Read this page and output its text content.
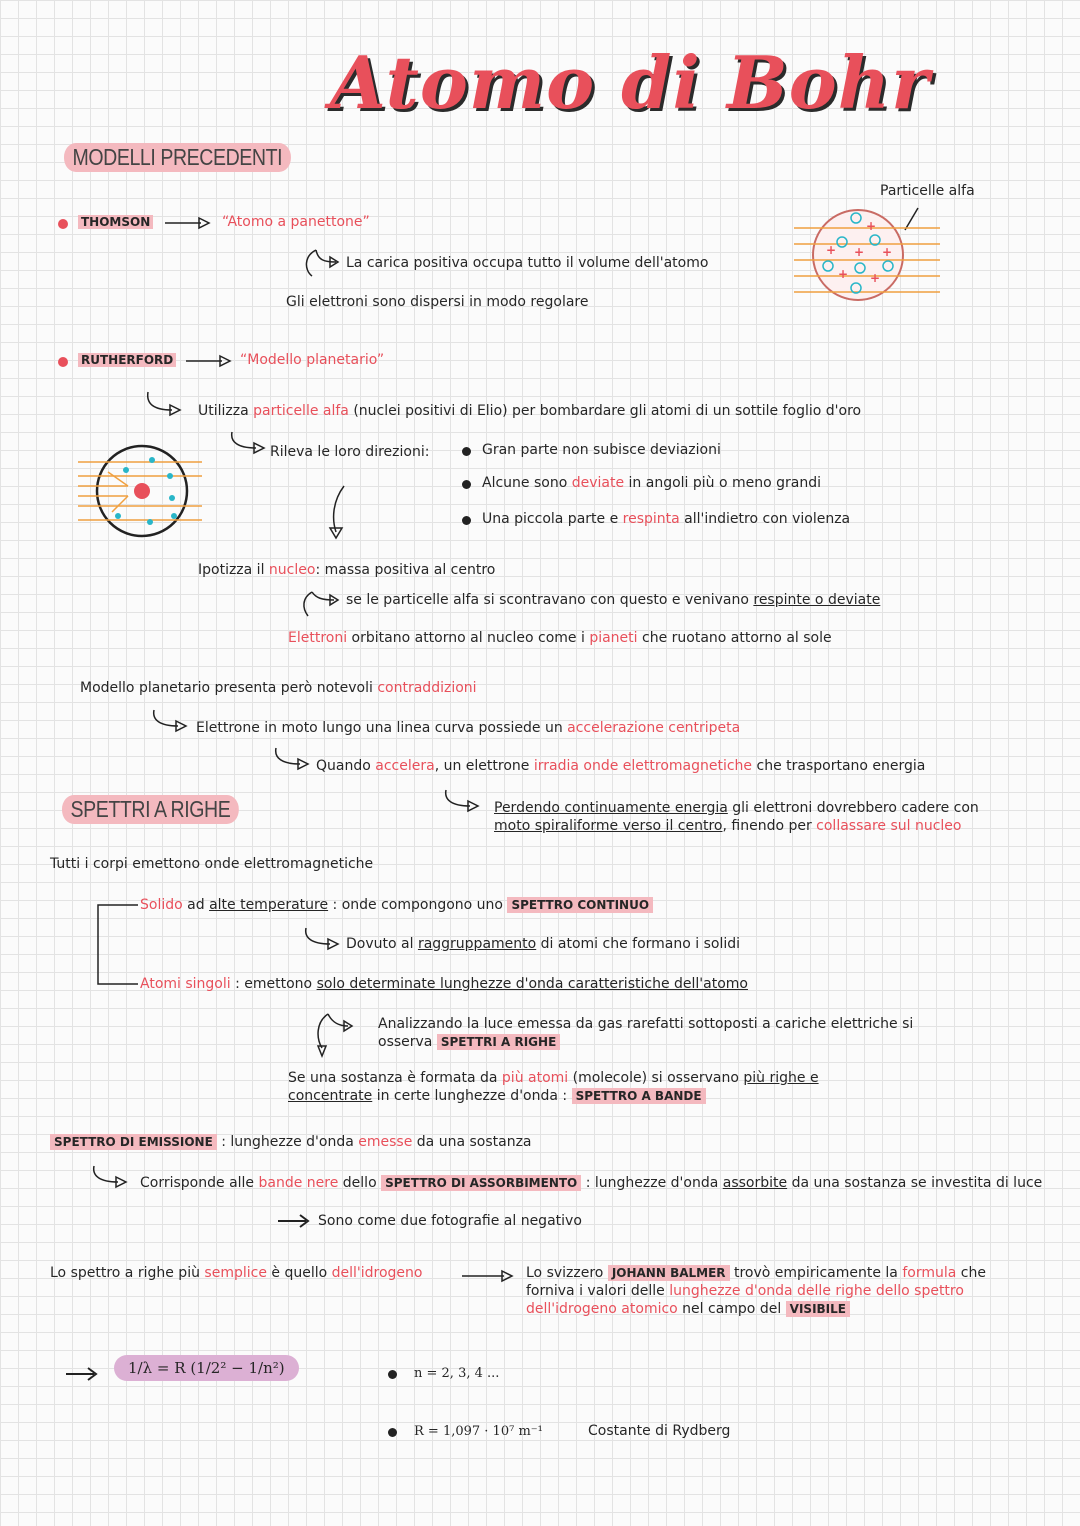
Atomo di Bohr
MODELLI PRECEDENTI
THOMSON	“Atomo a panettone”
La carica positiva occupa tutto il volume dell'atomo
Gli elettroni sono dispersi in modo regolare
Particelle alfa
+ + +
+ +
+
RUTHERFORD	“Modello planetario”
Utilizza particelle alfa (nuclei positivi di Elio) per bombardare gli atomi di un sottile foglio d'oro
Rileva le loro direzioni:	Gran parte non subisce deviazioni
Alcune sono deviate in angoli più o meno grandi
Una piccola parte e respinta all'indietro con violenza
Ipotizza il nucleo: massa positiva al centro
se le particelle alfa si scontravano con questo e venivano respinte o deviate
Elettroni orbitano attorno al nucleo come i pianeti che ruotano attorno al sole
Modello planetario presenta però notevoli contraddizioni
Elettrone in moto lungo una linea curva possiede un accelerazione centripeta
Quando accelera, un elettrone irradia onde elettromagnetiche che trasportano energia
Perdendo continuamente energia gli elettroni dovrebbero cadere con
moto spiraliforme verso il centro, finendo per collassare sul nucleo
SPETTRI A RIGHE
Tutti i corpi emettono onde elettromagnetiche
Solido ad alte temperature : onde compongono uno SPETTRO CONTINUO
Dovuto al raggruppamento di atomi che formano i solidi
Atomi singoli : emettono solo determinate lunghezze d'onda caratteristiche dell'atomo
Analizzando la luce emessa da gas rarefatti sottoposti a cariche elettriche si
osserva SPETTRI A RIGHE
Se una sostanza è formata da più atomi (molecole) si osservano più righe e
concentrate in certe lunghezze d'onda : SPETTRO A BANDE
SPETTRO DI EMISSIONE : lunghezze d'onda emesse da una sostanza
Corrisponde alle bande nere dello SPETTRO DI ASSORBIMENTO : lunghezze d'onda assorbite da una sostanza se investita di luce
Sono come due fotografie al negativo
Lo spettro a righe più semplice è quello dell'idrogeno	Lo svizzero JOHANN BALMER trovò empiricamente la formula che
forniva i valori delle lunghezze d'onda delle righe dello spettro
dell'idrogeno atomico nel campo del VISIBILE
1/λ = R (1/2² − 1/n²)	n = 2, 3, 4 ...
R = 1,097 · 10⁷ m⁻¹	Costante di Rydberg
